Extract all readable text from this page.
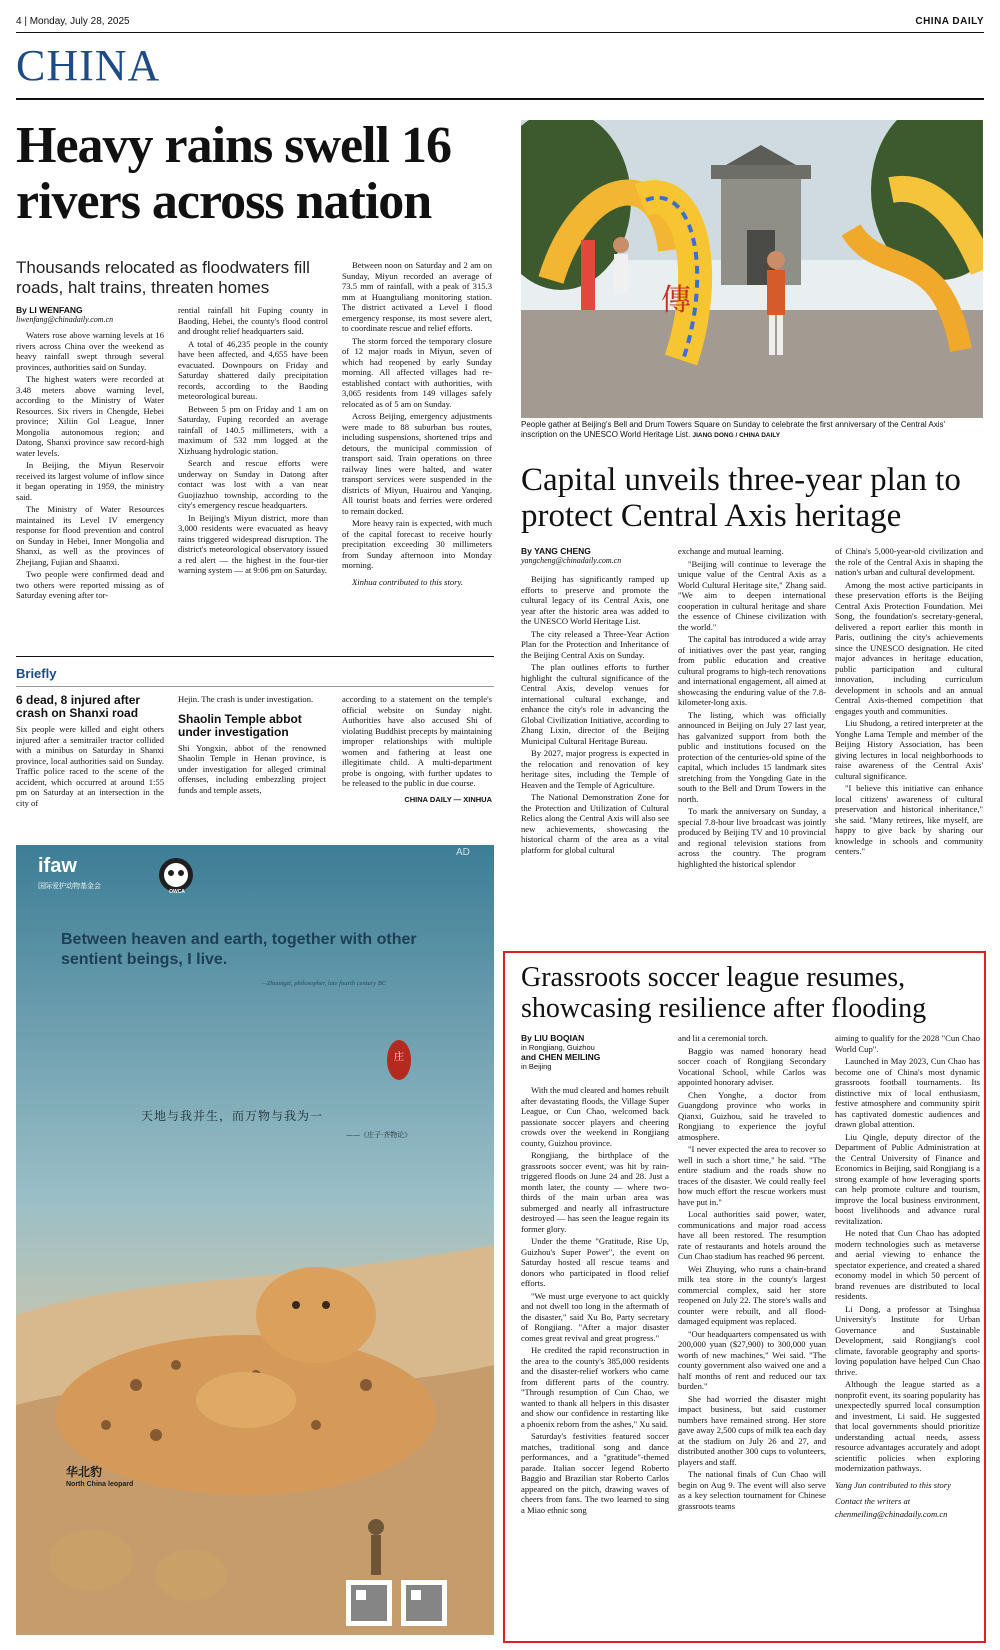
4 | Monday, July 28, 2025	CHINA DAILY
CHINA
Heavy rains swell 16 rivers across nation
Thousands relocated as floodwaters fill roads, halt trains, threaten homes
By LI WENFANG
liwenfang@chinadaily.com.cn

Waters rose above warning levels at 16 rivers across China over the weekend as heavy rainfall swept through several provinces, authorities said on Sunday.

The highest waters were recorded at 3.48 meters above warning level, according to the Ministry of Water Resources. Six rivers in Chengde, Hebei province; Xiliin Gol League, Inner Mongolia autonomous region; and Datong, Shanxi province saw record-high water levels.

In Beijing, the Miyun Reservoir received its largest volume of inflow since it began operating in 1959, the ministry said.

The Ministry of Water Resources maintained its Level IV emergency response for flood prevention and control on Sunday in Hebei, Inner Mongolia and Shanxi, as well as the provinces of Zhejiang, Fujian and Shaanxi.

Two people were confirmed dead and two others were reported missing as of Saturday evening after tor-

rential rainfall hit Fuping county in Baoding, Hebei, the county's flood control and drought relief headquarters said.

A total of 46,235 people in the county have been affected, and 4,655 have been evacuated. Downpours on Friday and Saturday shattered daily precipitation records, according to the Baoding meteorological bureau.

Between 5 pm on Friday and 1 am on Saturday, Fuping recorded an average rainfall of 140.5 millimeters, with a maximum of 532 mm logged at the Xizhuang hydrologic station.

Search and rescue efforts were underway on Sunday in Datong after contact was lost with a van near Guojiazhuo township, according to the city's emergency rescue headquarters.

In Beijing's Miyun district, more than 3,000 residents were evacuated as heavy rains triggered widespread disruption. The district's meteorological observatory issued a red alert — the highest in the four-tier warning system — at 9:06 pm on Saturday.

Between noon on Saturday and 2 am on Sunday, Miyun recorded an average of 73.5 mm of rainfall, with a peak of 315.3 mm at Huangtuliang monitoring station. The district activated a Level I flood emergency response, its most severe alert, to coordinate rescue and relief efforts.

The storm forced the temporary closure of 12 major roads in Miyun, seven of which had reopened by early Sunday morning. All affected villages had re-established contact with authorities, with 3,065 residents from 149 villages safely relocated as of 5 am on Sunday.

Across Beijing, emergency adjustments were made to 88 suburban bus routes, including suspensions, shortened trips and detours, the municipal commission of transport said. Train operations on three railway lines were halted, and water transport services were suspended in the districts of Miyun, Huairou and Yanqing. All tourist boats and ferries were ordered to remain docked.

More heavy rain is expected, with much of the capital forecast to receive hourly precipitation exceeding 30 millimeters from Sunday afternoon into Monday morning.

Xinhua contributed to this story.

傳
People gather at Beijing's Bell and Drum Towers Square on Sunday to celebrate the first anniversary of the Central Axis' inscription on the UNESCO World Heritage List. JIANG DONG / CHINA DAILY
Capital unveils three-year plan to protect Central Axis heritage
By YANG CHENG
yangcheng@chinadaily.com.cn

Beijing has significantly ramped up efforts to preserve and promote the cultural legacy of its Central Axis, one year after the historic area was added to the UNESCO World Heritage List.

The city released a Three-Year Action Plan for the Protection and Inheritance of the Beijing Central Axis on Sunday.

The plan outlines efforts to further highlight the cultural significance of the Central Axis, develop venues for international cultural exchange, and enhance the city's role in advancing the Global Civilization Initiative, according to Zhang Lixin, director of the Beijing Municipal Cultural Heritage Bureau.

By 2027, major progress is expected in the relocation and renovation of key heritage sites, including the Temple of Heaven and the Temple of Agriculture.

The National Demonstration Zone for the Protection and Utilization of Cultural Relics along the Central Axis will also see new achievements, showcasing the historical charm of the area as a vital platform for global cultural

exchange and mutual learning.

"Beijing will continue to leverage the unique value of the Central Axis as a World Cultural Heritage site," Zhang said. "We aim to deepen international cooperation in cultural heritage and share the essence of Chinese civilization with the world."

The capital has introduced a wide array of initiatives over the past year, ranging from public education and creative cultural programs to high-tech renovations and international engagement, all aimed at showcasing the enduring value of the 7.8-kilometer-long axis.

The listing, which was officially announced in Beijing on July 27 last year, has galvanized support from both the public and institutions focused on the protection of the centuries-old spine of the capital, which includes 15 landmark sites stretching from the Yongding Gate in the south to the Bell and Drum Towers in the north.

To mark the anniversary on Sunday, a special 7.8-hour live broadcast was jointly produced by Beijing TV and 10 provincial and regional television stations from across the country. The program highlighted the historical splendor

of China's 5,000-year-old civilization and the role of the Central Axis in shaping the nation's urban and cultural development.

Among the most active participants in these preservation efforts is the Beijing Central Axis Protection Foundation. Mei Song, the foundation's secretary-general, delivered a report earlier this month in Paris, outlining the city's achievements since the UNESCO designation. He cited major advances in heritage education, public participation and cultural innovation, including curriculum development in schools and an annual Central Axis-themed competition that engages youth and communities.

Liu Shudong, a retired interpreter at the Yonghe Lama Temple and member of the Beijing History Association, has been giving lectures in local neighborhoods to raise awareness of the Central Axis' cultural significance.

"I believe this initiative can enhance local citizens' awareness of cultural preservation and historical inheritance," she said. "Many retirees, like myself, are happy to give back by sharing our knowledge in schools and community centers."

Briefly
6 dead, 8 injured after crash on Shanxi road
Six people were killed and eight others injured after a semitrailer tractor collided with a minibus on Saturday in Shanxi province, local authorities said on Sunday. Traffic police raced to the scene of the accident, which occurred at around 1:55 pm on Saturday at an intersection in the city of
Hejin. The crash is under investigation.
Shaolin Temple abbot under investigation
Shi Yongxin, abbot of the renowned Shaolin Temple in Henan province, is under investigation for alleged criminal offenses, including embezzling project funds and temple assets,
according to a statement on the temple's official website on Sunday night. Authorities have also accused Shi of violating Buddhist precepts by maintaining improper relationships with multiple women and fathering at least one illegitimate child. A multi-department probe is ongoing, with further updates to be released to the public in due course.
CHINA DAILY — XINHUA
ifaw
国际爱护动物基金会
OWCA
AD
Between heaven and earth, together with other sentient beings, I live.
—Zhuangzi, philosopher, late fourth century BC
庄
天地与我并生，而万物与我为一
——《庄子·齐物论》
华北豹
North China leopard
Grassroots soccer league resumes, showcasing resilience after flooding
By LIU BOQIAN
in Rongjiang, Guizhou
and CHEN MEILING
in Beijing

With the mud cleared and homes rebuilt after devastating floods, the Village Super League, or Cun Chao, welcomed back passionate soccer players and cheering crowds over the weekend in Rongjiang county, Guizhou province.

Rongjiang, the birthplace of the grassroots soccer event, was hit by rain-triggered floods on June 24 and 28. Just a month later, the county — where two-thirds of the main urban area was submerged and nearly all infrastructure destroyed — has seen the league regain its former glory.

Under the theme "Gratitude, Rise Up, Guizhou's Super Power", the event on Saturday hosted all rescue teams and donors who participated in flood relief efforts.

"We must urge everyone to act quickly and not dwell too long in the aftermath of the disaster," said Xu Bo, Party secretary of Rongjiang. "After a major disaster comes great revival and great progress."

He credited the rapid reconstruction in the area to the county's 385,000 residents and the disaster-relief workers who came from different parts of the country. "Through resumption of Cun Chao, we wanted to thank all helpers in this disaster and show our confidence in restarting like a phoenix reborn from the ashes," Xu said.

Saturday's festivities featured soccer matches, traditional song and dance performances, and a "gratitude"-themed parade. Italian soccer legend Roberto Baggio and Brazilian star Roberto Carlos appeared on the pitch, drawing waves of cheers from fans. The two learned to sing a Miao ethnic song

and lit a ceremonial torch.

Baggio was named honorary head soccer coach of Rongjiang Secondary Vocational School, while Carlos was appointed honorary adviser.

Chen Yonghe, a doctor from Guangdong province who works in Qianxi, Guizhou, said he traveled to Rongjiang to experience the joyful atmosphere.

"I never expected the area to recover so well in such a short time," he said. "The entire stadium and the roads show no traces of the disaster. We could really feel how much effort the rescue workers must have put in."

Local authorities said power, water, communications and major road access have all been restored. The resumption rate of restaurants and hotels around the Cun Chao stadium has reached 96 percent.

Wei Zhuying, who runs a chain-brand milk tea store in the county's largest commercial complex, said her store reopened on July 22. The store's walls and counter were rebuilt, and all flood-damaged equipment was replaced.

"Our headquarters compensated us with 200,000 yuan ($27,900) to 300,000 yuan worth of new machines," Wei said. "The county government also waived one and a half months of rent and reduced our tax burden."

She had worried the disaster might impact business, but said customer numbers have remained strong. Her store gave away 2,500 cups of milk tea each day at the stadium on July 26 and 27, and distributed another 300 cups to volunteers, players and staff.

The national finals of Cun Chao will begin on Aug 9. The event will also serve as a key selection tournament for Chinese grassroots teams

aiming to qualify for the 2028 "Cun Chao World Cup".

Launched in May 2023, Cun Chao has become one of China's most dynamic grassroots football tournaments. Its distinctive mix of local enthusiasm, festive atmosphere and community spirit has captivated domestic audiences and drawn global attention.

Liu Qingle, deputy director of the Department of Public Administration at the Central University of Finance and Economics in Beijing, said Rongjiang is a strong example of how leveraging sports can help promote culture and tourism, improve the local business environment, boost livelihoods and advance rural revitalization.

He noted that Cun Chao has adopted modern technologies such as metaverse and aerial viewing to enhance the spectator experience, and created a shared economy model in which 50 percent of brand revenues are distributed to local residents.

Li Dong, a professor at Tsinghua University's Institute for Urban Governance and Sustainable Development, said Rongjiang's cool climate, favorable geography and sports-loving population have helped Cun Chao thrive.

Although the league started as a nonprofit event, its soaring popularity has unexpectedly spurred local consumption and investment, Li said. He suggested that local governments should prioritize understanding actual needs, assess resource advantages accurately and adopt scientific policies when exploring modernization pathways.

Yang Jun contributed to this story

Contact the writers at

chenmeiling@chinadaily.com.cn
